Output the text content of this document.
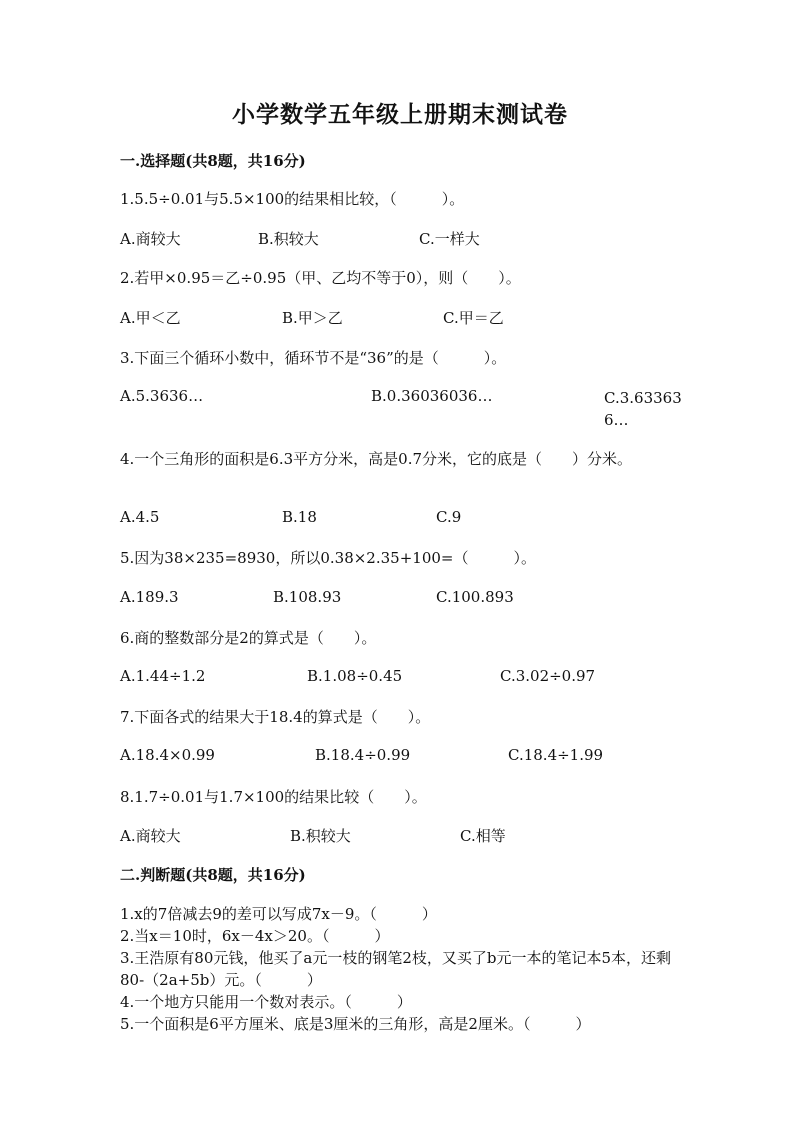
小学数学五年级上册期末测试卷
一.选择题(共8题，共16分)
1.5.5÷0.01与5.5×100的结果相比较，（　　　）。
A.商较大	B.积较大	C.一样大
2.若甲×0.95＝乙÷0.95（甲、乙均不等于0），则（　　）。
A.甲＜乙	B.甲＞乙	C.甲＝乙
3.下面三个循环小数中，循环节不是“36”的是（　　　）。
A.5.3636…	B.0.36036036…	C.3.633636…
4.一个三角形的面积是6.3平方分米，高是0.7分米，它的底是（　　）分米。
A.4.5	B.18	C.9
5.因为38×235=8930，所以0.38×2.35+100=（　　　）。
A.189.3	B.108.93	C.100.893
6.商的整数部分是2的算式是（　　）。
A.1.44÷1.2	B.1.08÷0.45	C.3.02÷0.97
7.下面各式的结果大于18.4的算式是（　　）。
A.18.4×0.99	B.18.4÷0.99	C.18.4÷1.99
8.1.7÷0.01与1.7×100的结果比较（　　）。
A.商较大	B.积较大	C.相等
二.判断题(共8题，共16分)
1.x的7倍减去9的差可以写成7x－9。（　　　）
2.当x＝10时，6x－4x＞20。（　　　）
3.王浩原有80元钱，他买了a元一枝的钢笔2枝，又买了b元一本的笔记本5本，还剩80-（2a+5b）元。（　　　）
4.一个地方只能用一个数对表示。（　　　）
5.一个面积是6平方厘米、底是3厘米的三角形，高是2厘米。（　　　）
